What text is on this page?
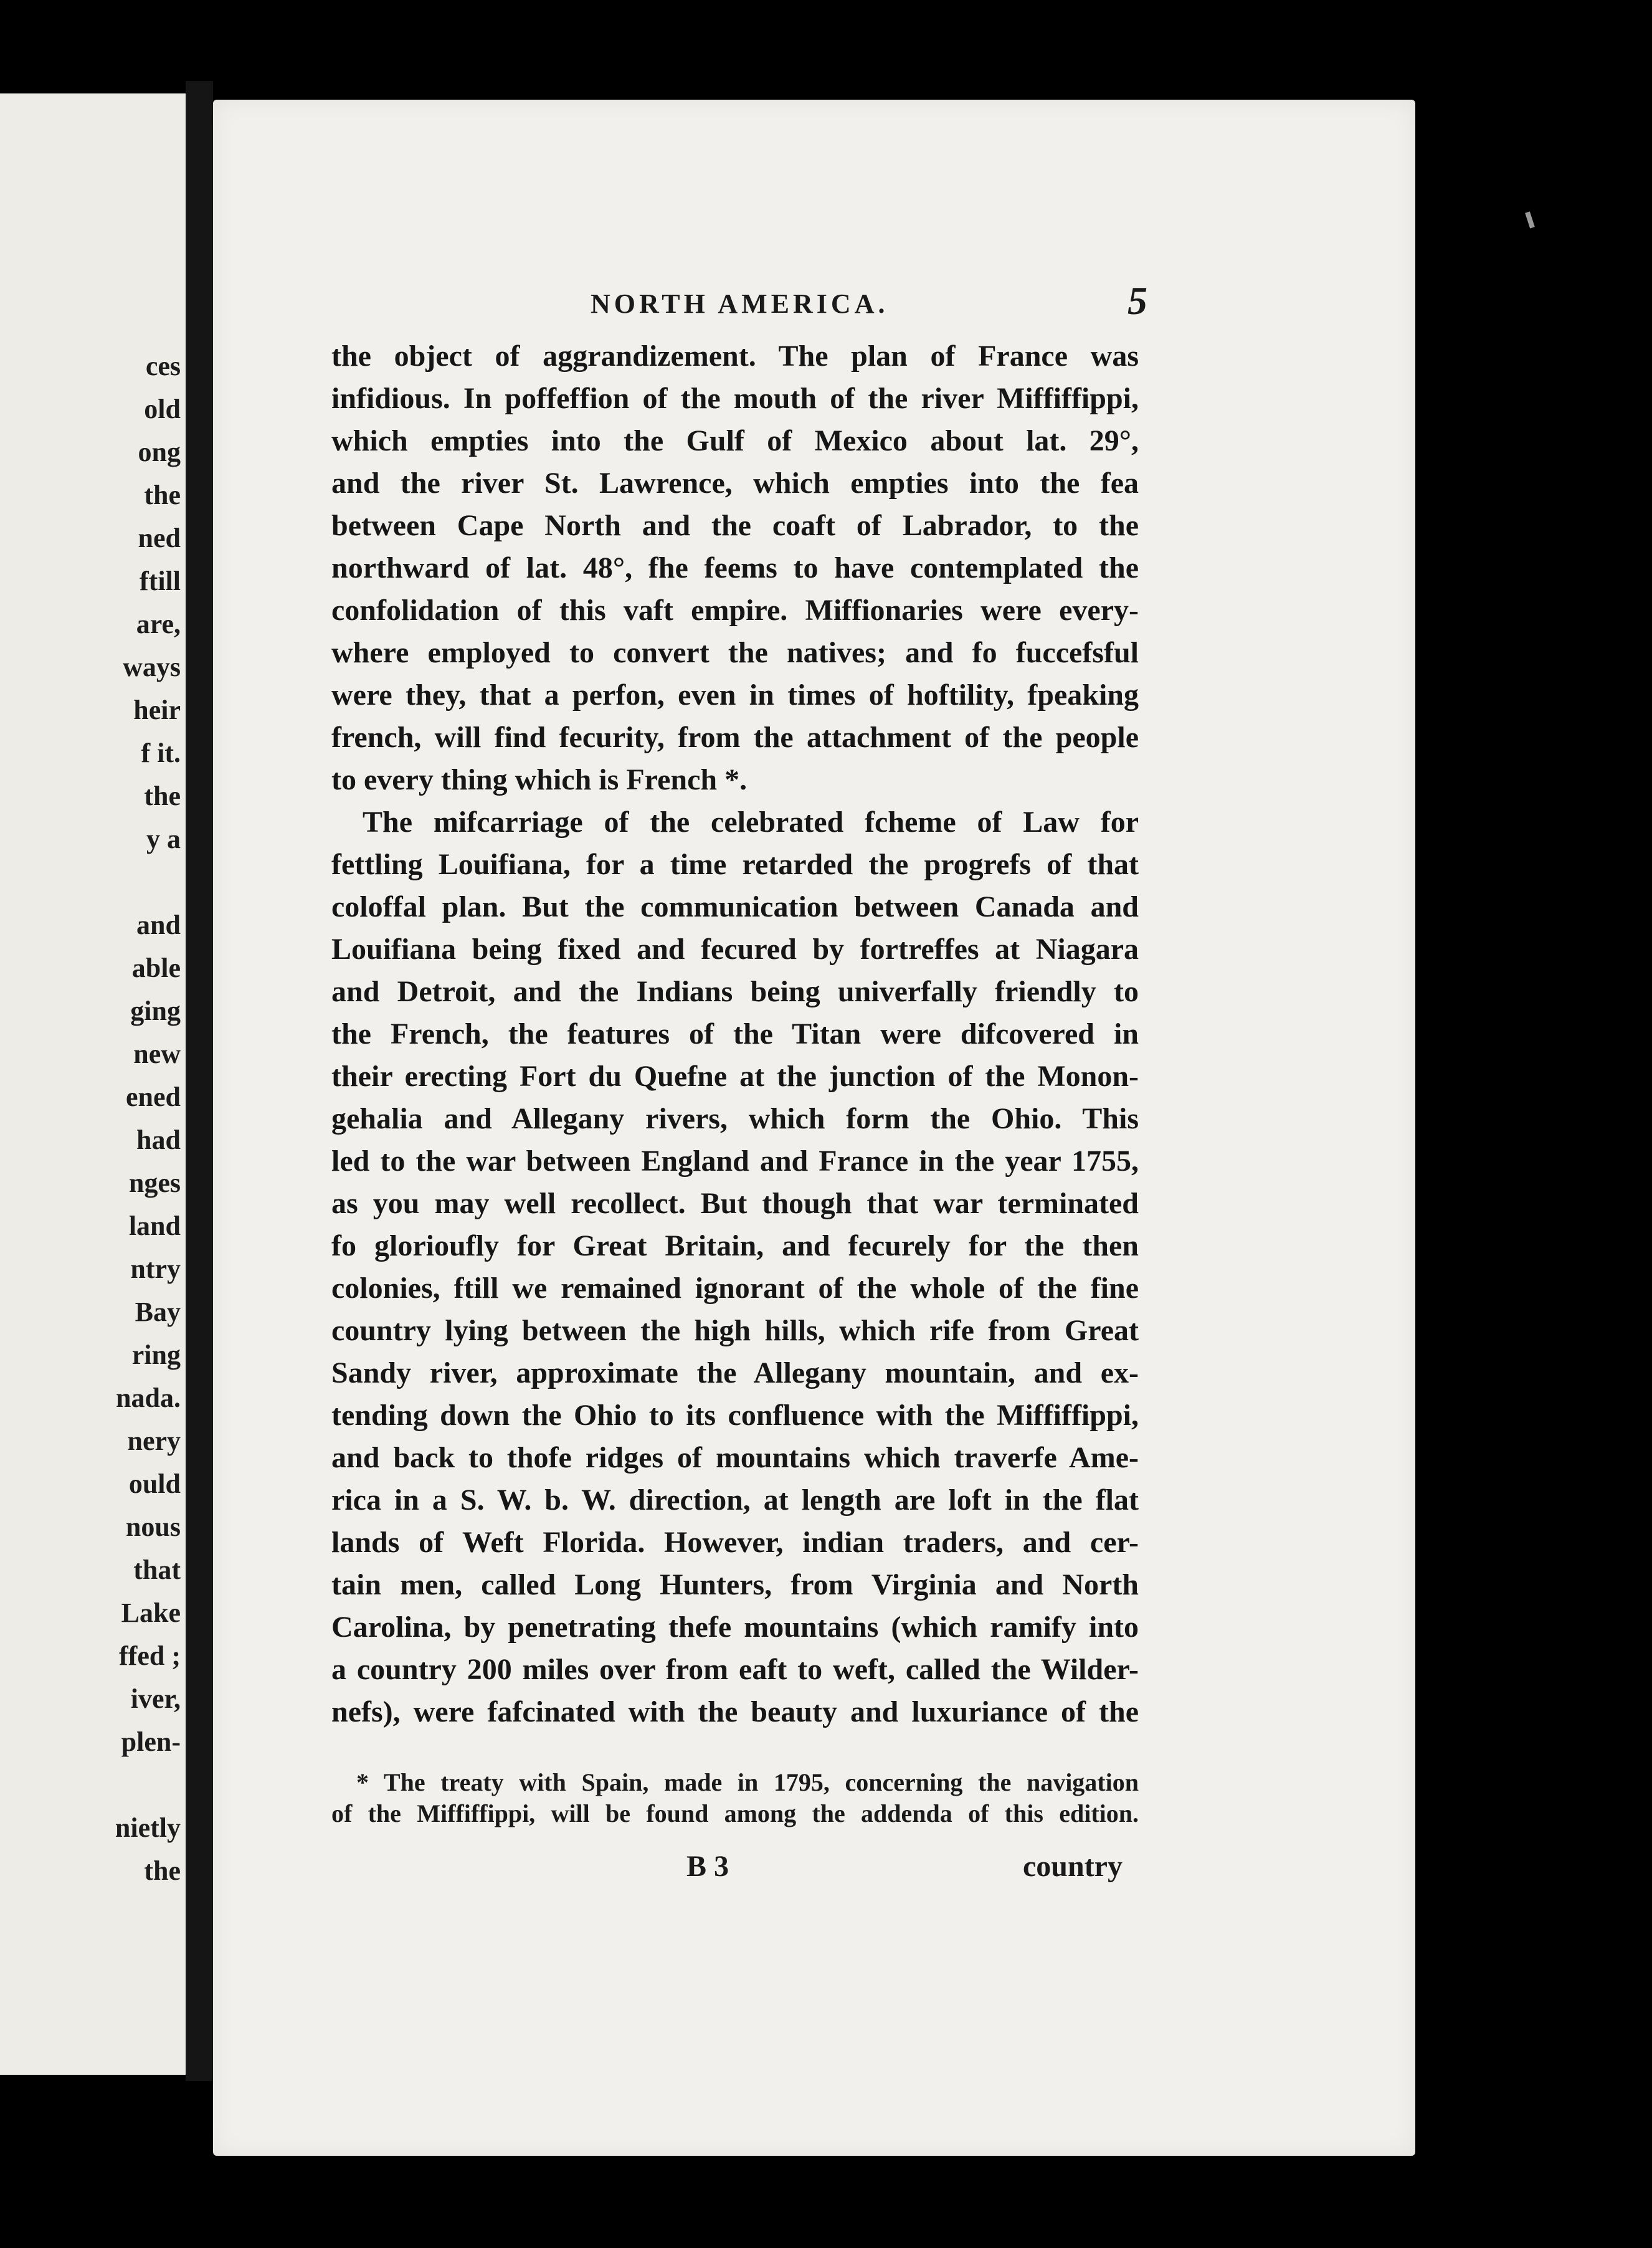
ces
old
ong
the
ned
ftill
are,
ways
heir
f it.
the
y a
and
able
ging
new
ened
had
nges
land
ntry
Bay
ring
nada.
nery
ould
nous
that
Lake
ffed ;
iver,
plen-
nietly
the
NORTH AMERICA.	5
the object of aggrandizement. The plan of France was
infidious. In poffeffion of the mouth of the river Miffiffippi,
which empties into the Gulf of Mexico about lat. 29°,
and the river St. Lawrence, which empties into the fea
between Cape North and the coaft of Labrador, to the
northward of lat. 48°, fhe feems to have contemplated the
confolidation of this vaft empire. Miffionaries were every-
where employed to convert the natives; and fo fuccefsful
were they, that a perfon, even in times of hoftility, fpeaking
french, will find fecurity, from the attachment of the people
to every thing which is French *.
The mifcarriage of the celebrated fcheme of Law for
fettling Louifiana, for a time retarded the progrefs of that
coloffal plan. But the communication between Canada and
Louifiana being fixed and fecured by fortreffes at Niagara
and Detroit, and the Indians being univerfally friendly to
the French, the features of the Titan were difcovered in
their erecting Fort du Quefne at the junction of the Monon-
gehalia and Allegany rivers, which form the Ohio. This
led to the war between England and France in the year 1755,
as you may well recollect. But though that war terminated
fo glorioufly for Great Britain, and fecurely for the then
colonies, ftill we remained ignorant of the whole of the fine
country lying between the high hills, which rife from Great
Sandy river, approximate the Allegany mountain, and ex-
tending down the Ohio to its confluence with the Miffiffippi,
and back to thofe ridges of mountains which traverfe Ame-
rica in a S. W. b. W. direction, at length are loft in the flat
lands of Weft Florida. However, indian traders, and cer-
tain men, called Long Hunters, from Virginia and North
Carolina, by penetrating thefe mountains (which ramify into
a country 200 miles over from eaft to weft, called the Wilder-
nefs), were fafcinated with the beauty and luxuriance of the
* The treaty with Spain, made in 1795, concerning the navigation
of the Miffiffippi, will be found among the addenda of this edition.
B 3	country
